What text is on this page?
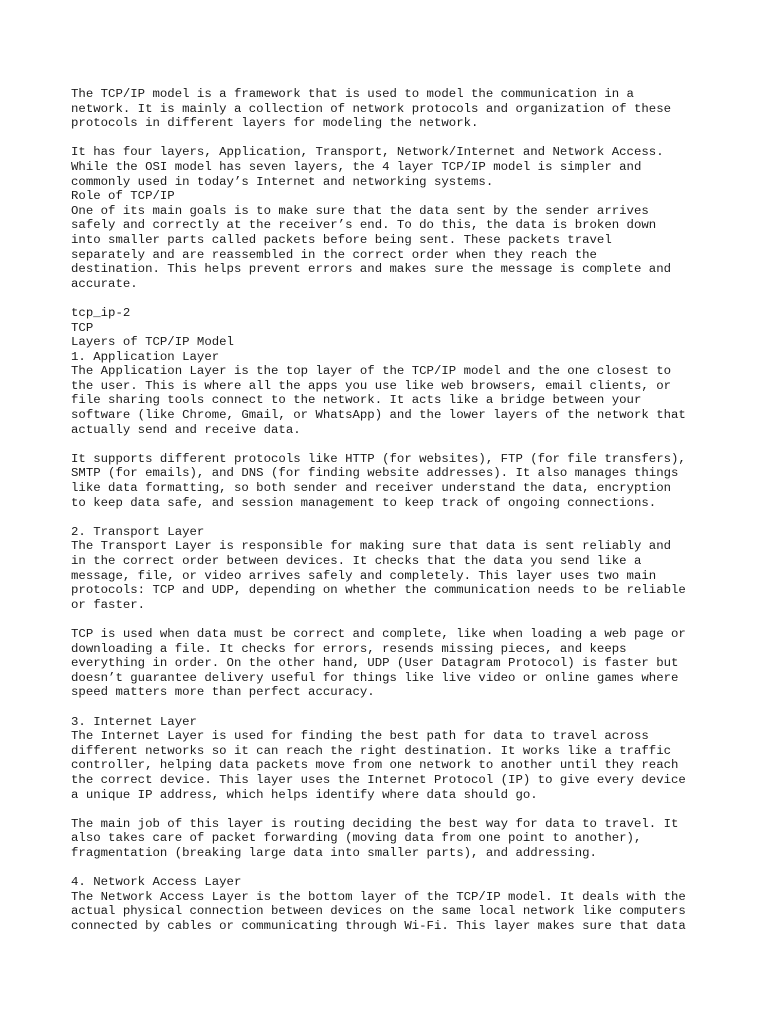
The TCP/IP model is a framework that is used to model the communication in a
network. It is mainly a collection of network protocols and organization of these
protocols in different layers for modeling the network.
It has four layers, Application, Transport, Network/Internet and Network Access.
While the OSI model has seven layers, the 4 layer TCP/IP model is simpler and
commonly used in today’s Internet and networking systems.
Role of TCP/IP
One of its main goals is to make sure that the data sent by the sender arrives
safely and correctly at the receiver’s end. To do this, the data is broken down
into smaller parts called packets before being sent. These packets travel
separately and are reassembled in the correct order when they reach the
destination. This helps prevent errors and makes sure the message is complete and
accurate.
tcp_ip-2
TCP
Layers of TCP/IP Model
1. Application Layer
The Application Layer is the top layer of the TCP/IP model and the one closest to
the user. This is where all the apps you use like web browsers, email clients, or
file sharing tools connect to the network. It acts like a bridge between your
software (like Chrome, Gmail, or WhatsApp) and the lower layers of the network that
actually send and receive data.
It supports different protocols like HTTP (for websites), FTP (for file transfers),
SMTP (for emails), and DNS (for finding website addresses). It also manages things
like data formatting, so both sender and receiver understand the data, encryption
to keep data safe, and session management to keep track of ongoing connections.
2. Transport Layer
The Transport Layer is responsible for making sure that data is sent reliably and
in the correct order between devices. It checks that the data you send like a
message, file, or video arrives safely and completely. This layer uses two main
protocols: TCP and UDP, depending on whether the communication needs to be reliable
or faster.
TCP is used when data must be correct and complete, like when loading a web page or
downloading a file. It checks for errors, resends missing pieces, and keeps
everything in order. On the other hand, UDP (User Datagram Protocol) is faster but
doesn’t guarantee delivery useful for things like live video or online games where
speed matters more than perfect accuracy.
3. Internet Layer
The Internet Layer is used for finding the best path for data to travel across
different networks so it can reach the right destination. It works like a traffic
controller, helping data packets move from one network to another until they reach
the correct device. This layer uses the Internet Protocol (IP) to give every device
a unique IP address, which helps identify where data should go.
The main job of this layer is routing deciding the best way for data to travel. It
also takes care of packet forwarding (moving data from one point to another),
fragmentation (breaking large data into smaller parts), and addressing.
4. Network Access Layer
The Network Access Layer is the bottom layer of the TCP/IP model. It deals with the
actual physical connection between devices on the same local network like computers
connected by cables or communicating through Wi-Fi. This layer makes sure that data
